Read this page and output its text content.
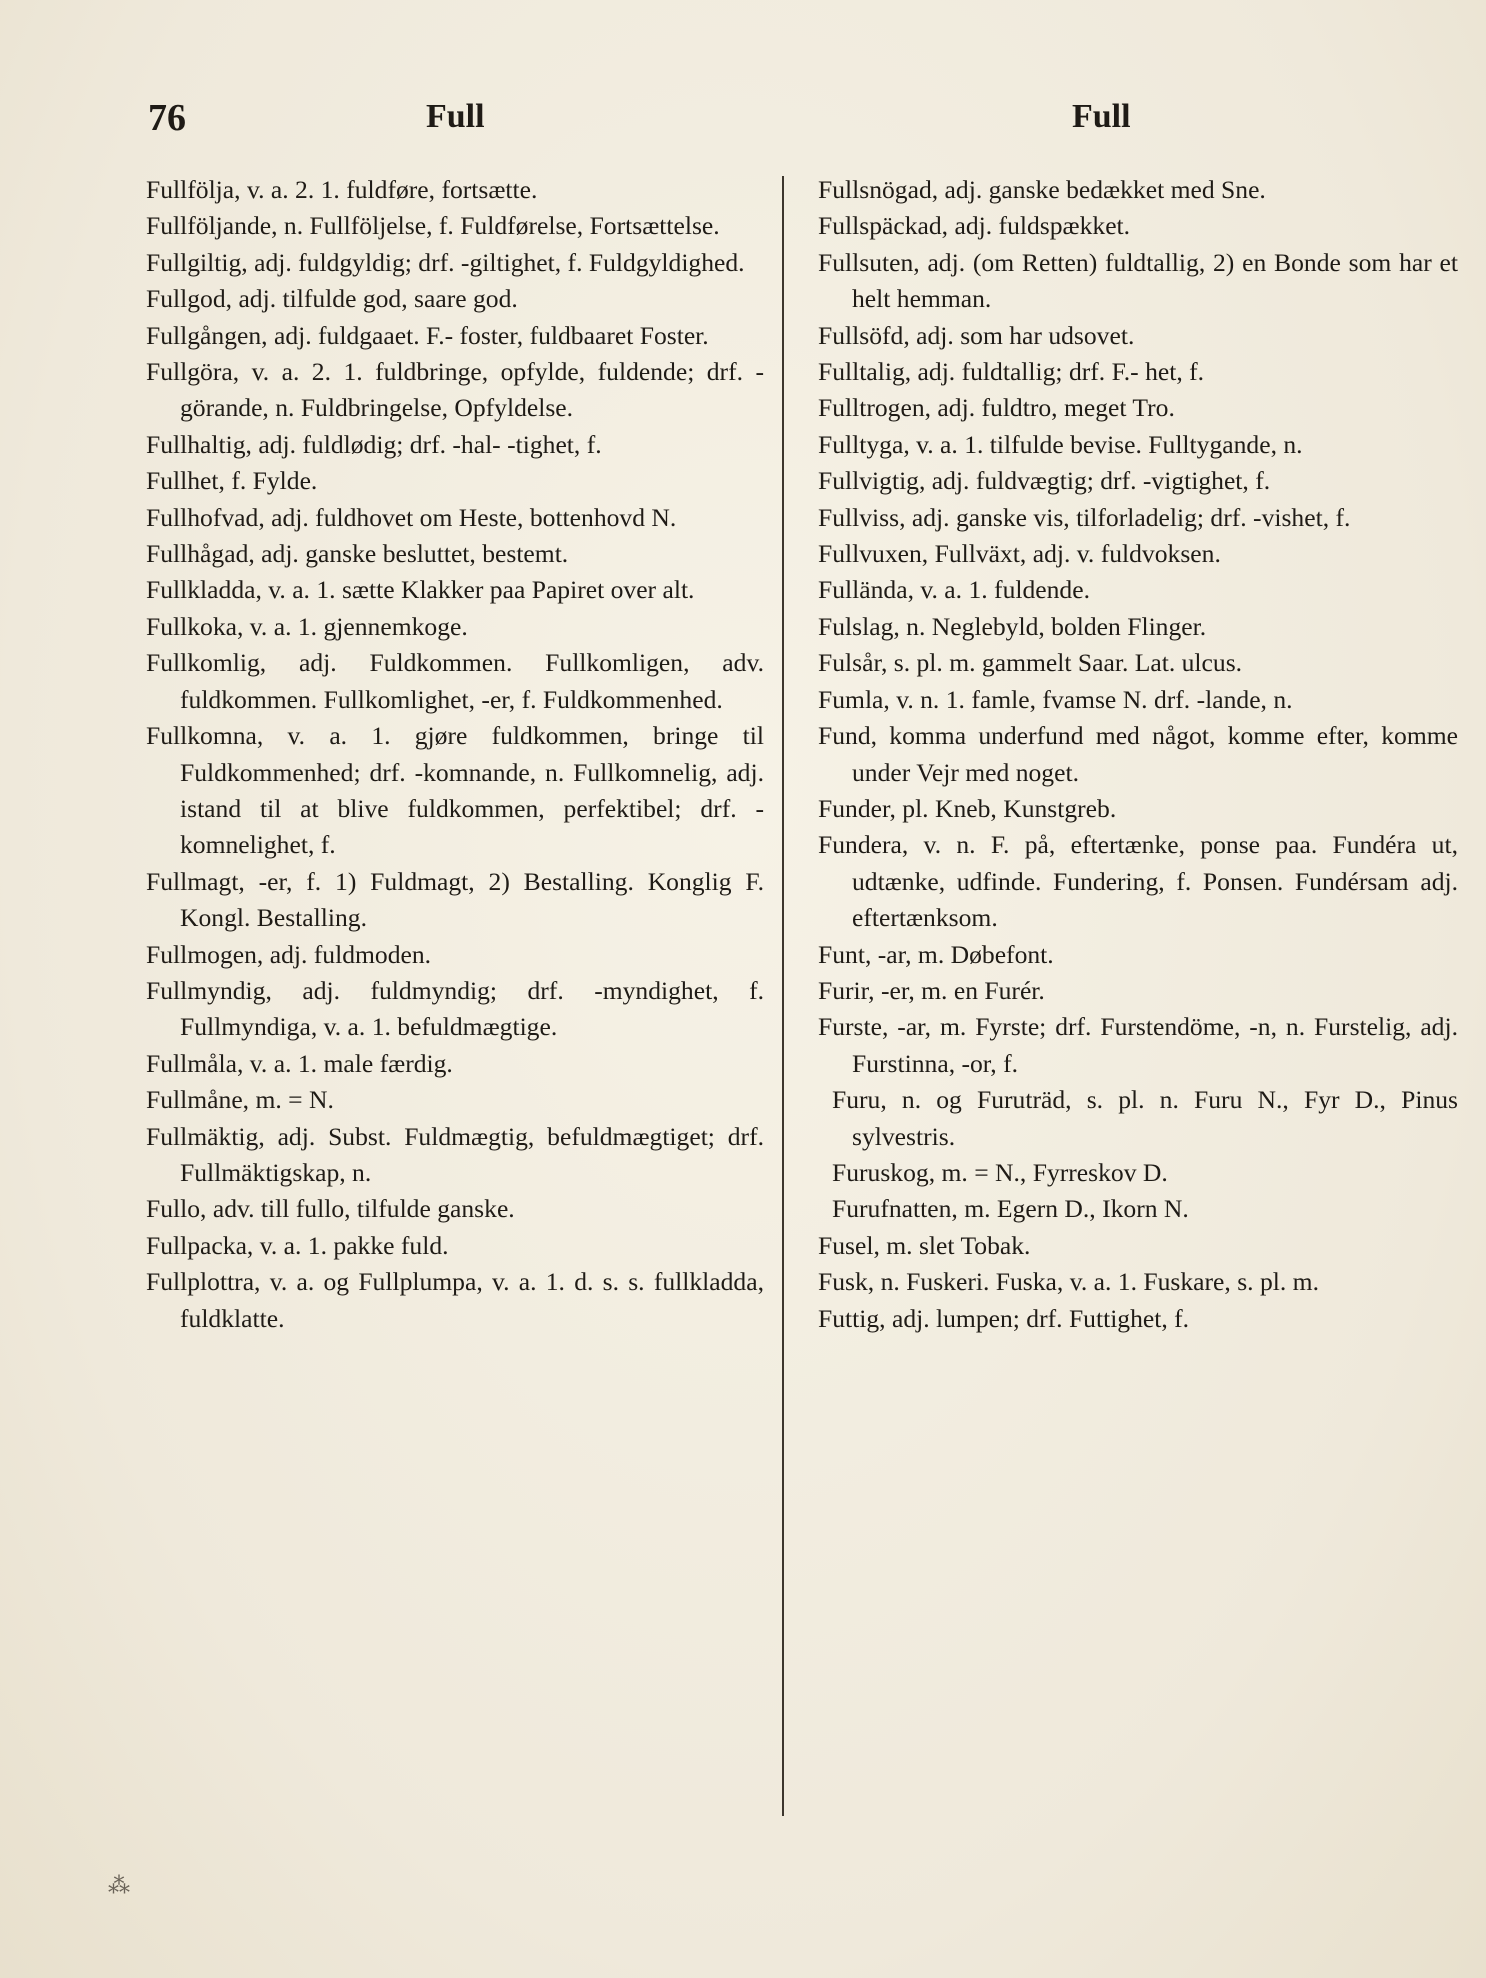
76	Full	Full

Fullfölja, v. a. 2. 1. fuldføre, fortsætte.

Fullföljande, n. Fullföljelse, f. Fuldførelse, Fortsættelse.

Fullgiltig, adj. fuldgyldig; drf. -giltighet, f. Fuldgyldighed.

Fullgod, adj. tilfulde god, saare god.

Fullgången, adj. fuldgaaet. F.- foster, fuldbaaret Foster.

Fullgöra, v. a. 2. 1. fuldbringe, opfylde, fuldende; drf. -görande, n. Fuldbringelse, Opfyldelse.

Fullhaltig, adj. fuldlødig; drf. -hal- -tighet, f.

Fullhet, f. Fylde.

Fullhofvad, adj. fuldhovet om Heste, bottenhovd N.

Fullhågad, adj. ganske besluttet, bestemt.

Fullkladda, v. a. 1. sætte Klakker paa Papiret over alt.

Fullkoka, v. a. 1. gjennemkoge.

Fullkomlig, adj. Fuldkommen. Fullkomligen, adv. fuldkommen. Fullkomlighet, -er, f. Fuldkommenhed.

Fullkomna, v. a. 1. gjøre fuldkommen, bringe til Fuldkommenhed; drf. -komnande, n. Fullkomnelig, adj. istand til at blive fuldkommen, perfektibel; drf. -komnelighet, f.

Fullmagt, -er, f. 1) Fuldmagt, 2) Bestalling. Konglig F. Kongl. Bestalling.

Fullmogen, adj. fuldmoden.

Fullmyndig, adj. fuldmyndig; drf. -myndighet, f. Fullmyndiga, v. a. 1. befuldmægtige.

Fullmåla, v. a. 1. male færdig.

Fullmåne, m. = N.

Fullmäktig, adj. Subst. Fuldmægtig, befuldmægtiget; drf. Fullmäktigskap, n.

Fullo, adv. till fullo, tilfulde ganske.

Fullpacka, v. a. 1. pakke fuld.

Fullplottra, v. a. og Fullplumpa, v. a. 1. d. s. s. fullkladda, fuldklatte.

Fullsnögad, adj. ganske bedækket med Sne.

Fullspäckad, adj. fuldspækket.

Fullsuten, adj. (om Retten) fuldtallig, 2) en Bonde som har et helt hemman.

Fullsöfd, adj. som har udsovet.

Fulltalig, adj. fuldtallig; drf. F.- het, f.

Fulltrogen, adj. fuldtro, meget Tro.

Fulltyga, v. a. 1. tilfulde bevise. Fulltygande, n.

Fullvigtig, adj. fuldvægtig; drf. -vigtighet, f.

Fullviss, adj. ganske vis, tilforladelig; drf. -vishet, f.

Fullvuxen, Fullväxt, adj. v. fuldvoksen.

Fullända, v. a. 1. fuldende.

Fulslag, n. Neglebyld, bolden Flinger.

Fulsår, s. pl. m. gammelt Saar. Lat. ulcus.

Fumla, v. n. 1. famle, fvamse N. drf. -lande, n.

Fund, komma underfund med något, komme efter, komme under Vejr med noget.

Funder, pl. Kneb, Kunstgreb.

Fundera, v. n. F. på, eftertænke, ponse paa. Fundéra ut, udtænke, udfinde. Fundering, f. Ponsen. Fundérsam adj. eftertænksom.

Funt, -ar, m. Døbefont.

Furir, -er, m. en Furér.

Furste, -ar, m. Fyrste; drf. Furstendöme, -n, n. Furstelig, adj. Furstinna, -or, f.

Furu, n. og Furuträd, s. pl. n. Furu N., Fyr D., Pinus sylvestris.

Furuskog, m. = N., Fyrreskov D.

Furufnatten, m. Egern D., Ikorn N.

Fusel, m. slet Tobak.

Fusk, n. Fuskeri. Fuska, v. a. 1. Fuskare, s. pl. m.

Futtig, adj. lumpen; drf. Futtighet, f.

⁂
